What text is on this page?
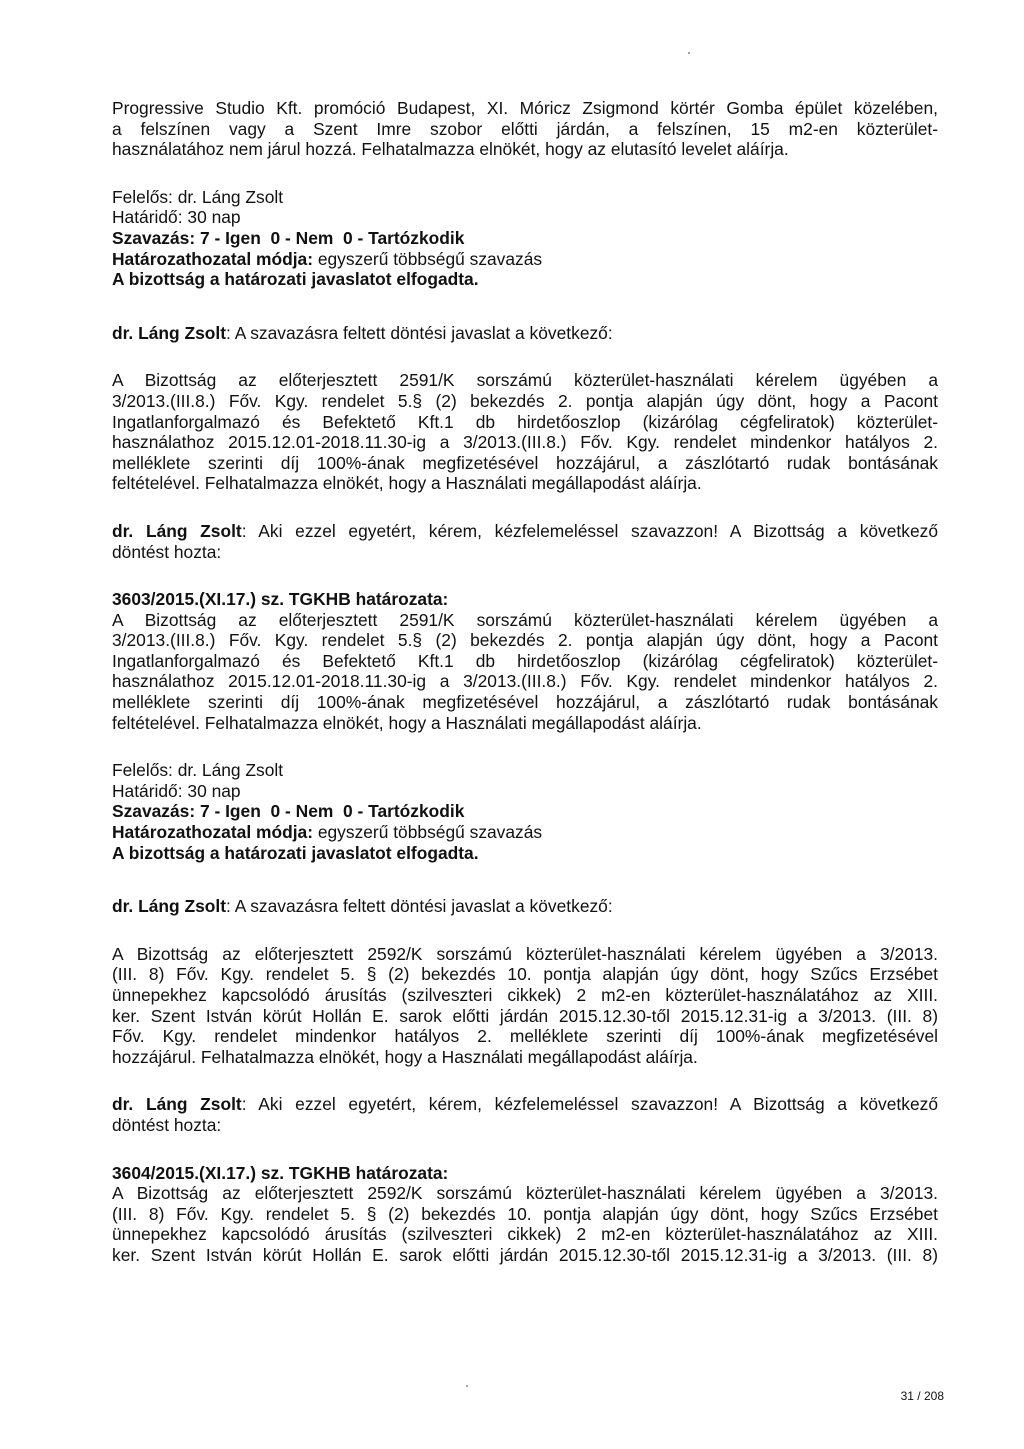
Progressive Studio Kft. promóció Budapest, XI. Móricz Zsigmond körtér Gomba épület közelében,
a felszínen vagy a Szent Imre szobor előtti járdán, a felszínen, 15 m2-en közterület-
használatához nem járul hozzá. Felhatalmazza elnökét, hogy az elutasító levelet aláírja.
Felelős: dr. Láng Zsolt
Határidő: 30 nap
Szavazás: 7 - Igen  0 - Nem  0 - Tartózkodik
Határozathozatal módja: egyszerű többségű szavazás
A bizottság a határozati javaslatot elfogadta.
dr. Láng Zsolt: A szavazásra feltett döntési javaslat a következő:
A Bizottság az előterjesztett 2591/K sorszámú közterület-használati kérelem ügyében a
3/2013.(III.8.) Főv. Kgy. rendelet 5.§ (2) bekezdés 2. pontja alapján úgy dönt, hogy a Pacont
Ingatlanforgalmazó és Befektető Kft.1 db hirdetőoszlop (kizárólag cégfeliratok) közterület-
használathoz 2015.12.01-2018.11.30-ig a 3/2013.(III.8.) Főv. Kgy. rendelet mindenkor hatályos 2.
melléklete szerinti díj 100%-ának megfizetésével hozzájárul, a zászlótartó rudak bontásának
feltételével. Felhatalmazza elnökét, hogy a Használati megállapodást aláírja.
dr. Láng Zsolt: Aki ezzel egyetért, kérem, kézfelemeléssel szavazzon! A Bizottság a következő
döntést hozta:
3603/2015.(XI.17.) sz. TGKHB határozata:
A Bizottság az előterjesztett 2591/K sorszámú közterület-használati kérelem ügyében a
3/2013.(III.8.) Főv. Kgy. rendelet 5.§ (2) bekezdés 2. pontja alapján úgy dönt, hogy a Pacont
Ingatlanforgalmazó és Befektető Kft.1 db hirdetőoszlop (kizárólag cégfeliratok) közterület-
használathoz 2015.12.01-2018.11.30-ig a 3/2013.(III.8.) Főv. Kgy. rendelet mindenkor hatályos 2.
melléklete szerinti díj 100%-ának megfizetésével hozzájárul, a zászlótartó rudak bontásának
feltételével. Felhatalmazza elnökét, hogy a Használati megállapodást aláírja.
Felelős: dr. Láng Zsolt
Határidő: 30 nap
Szavazás: 7 - Igen  0 - Nem  0 - Tartózkodik
Határozathozatal módja: egyszerű többségű szavazás
A bizottság a határozati javaslatot elfogadta.
dr. Láng Zsolt: A szavazásra feltett döntési javaslat a következő:
A Bizottság az előterjesztett 2592/K sorszámú közterület-használati kérelem ügyében a 3/2013.
(III. 8) Főv. Kgy. rendelet 5. § (2) bekezdés 10. pontja alapján úgy dönt, hogy Szűcs Erzsébet
ünnepekhez kapcsolódó árusítás (szilveszteri cikkek) 2 m2-en közterület-használatához az XIII.
ker. Szent István körút Hollán E. sarok előtti járdán 2015.12.30-től 2015.12.31-ig a 3/2013. (III. 8)
Főv. Kgy. rendelet mindenkor hatályos 2. melléklete szerinti díj 100%-ának megfizetésével
hozzájárul. Felhatalmazza elnökét, hogy a Használati megállapodást aláírja.
dr. Láng Zsolt: Aki ezzel egyetért, kérem, kézfelemeléssel szavazzon! A Bizottság a következő
döntést hozta:
3604/2015.(XI.17.) sz. TGKHB határozata:
A Bizottság az előterjesztett 2592/K sorszámú közterület-használati kérelem ügyében a 3/2013.
(III. 8) Főv. Kgy. rendelet 5. § (2) bekezdés 10. pontja alapján úgy dönt, hogy Szűcs Erzsébet
ünnepekhez kapcsolódó árusítás (szilveszteri cikkek) 2 m2-en közterület-használatához az XIII.
ker. Szent István körút Hollán E. sarok előtti járdán 2015.12.30-től 2015.12.31-ig a 3/2013. (III. 8)
31 / 208
